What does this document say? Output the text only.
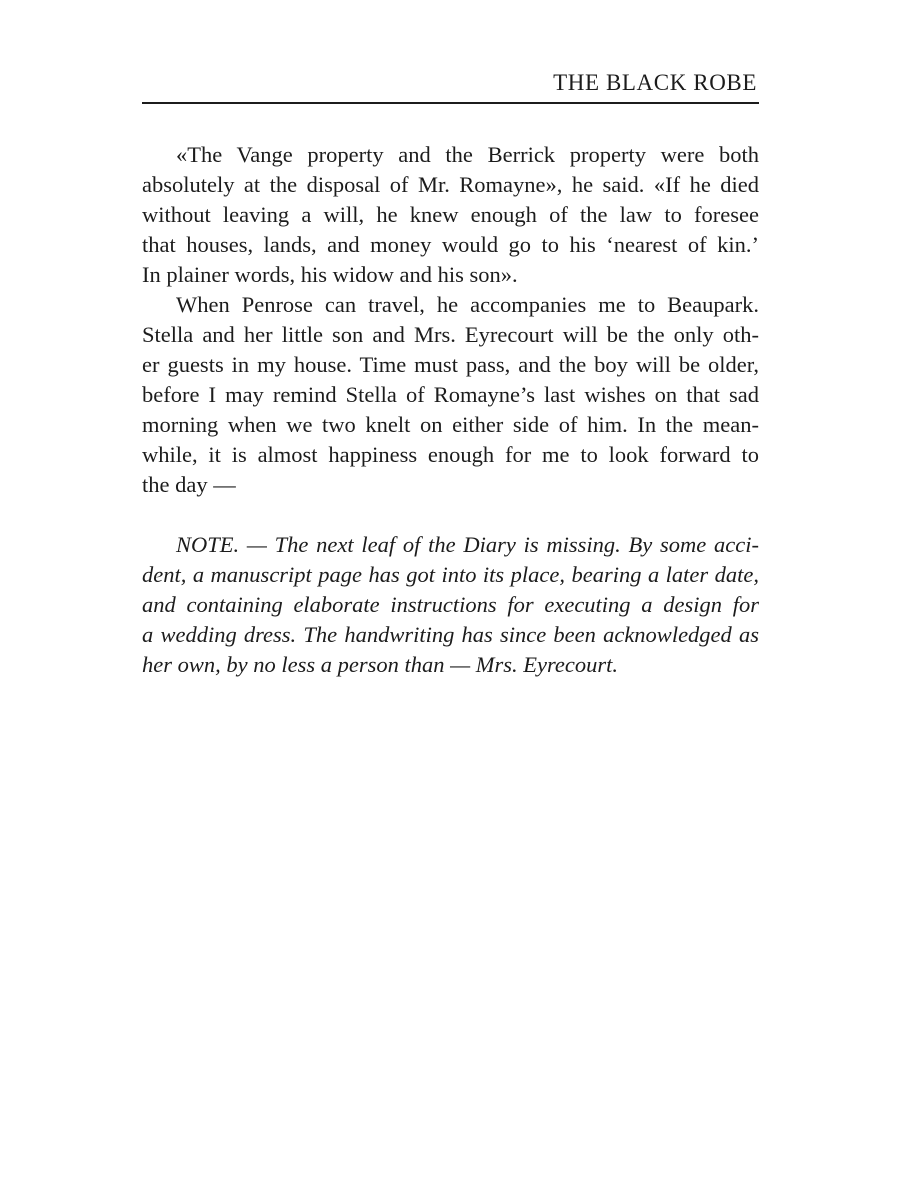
THE BLACK ROBE
«The Vange property and the Berrick property were both
absolutely at the disposal of Mr. Romayne», he said. «If he died
without leaving a will, he knew enough of the law to foresee
that houses, lands, and money would go to his ‘nearest of kin.’
In plainer words, his widow and his son».
When Penrose can travel, he accompanies me to Beaupark.
Stella and her little son and Mrs. Eyrecourt will be the only oth-
er guests in my house. Time must pass, and the boy will be older,
before I may remind Stella of Romayne’s last wishes on that sad
morning when we two knelt on either side of him. In the mean-
while, it is almost happiness enough for me to look forward to
the day —
NOTE. — The next leaf of the Diary is missing. By some acci-
dent, a manuscript page has got into its place, bearing a later date,
and containing elaborate instructions for executing a design for
a wedding dress. The handwriting has since been acknowledged as
her own, by no less a person than — Mrs. Eyrecourt.
